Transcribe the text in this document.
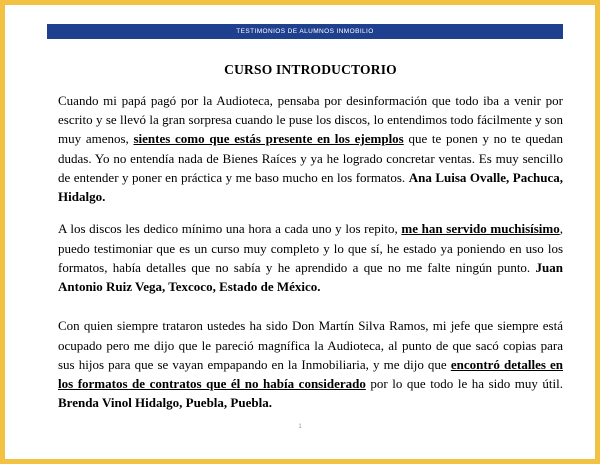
TESTIMONIOS DE ALUMNOS INMOBILIO
CURSO INTRODUCTORIO

Cuando mi papá pagó por la Audioteca, pensaba por desinformación que todo iba a venir por escrito y se llevó la gran sorpresa cuando le puse los discos, lo entendimos todo fácilmente y son muy amenos, sientes como que estás presente en los ejemplos que te ponen y no te quedan dudas. Yo no entendía nada de Bienes Raíces y ya he logrado concretar ventas. Es muy sencillo de entender y poner en práctica y me baso mucho en los formatos. Ana Luisa Ovalle, Pachuca, Hidalgo.

A los discos les dedico mínimo una hora a cada uno y los repito, me han servido muchisísimo, puedo testimoniar que es un curso muy completo y lo que sí, he estado ya poniendo en uso los formatos, había detalles que no sabía y he aprendido a que no me falte ningún punto. Juan Antonio Ruiz Vega, Texcoco, Estado de México.

Con quien siempre trataron ustedes ha sido Don Martín Silva Ramos, mi jefe que siempre está ocupado pero me dijo que le pareció magnífica la Audioteca, al punto de que sacó copias para sus hijos para que se vayan empapando en la Inmobiliaria, y me dijo que encontró detalles en los formatos de contratos que él no había considerado por lo que todo le ha sido muy útil. Brenda Vinol Hidalgo, Puebla, Puebla.

1
